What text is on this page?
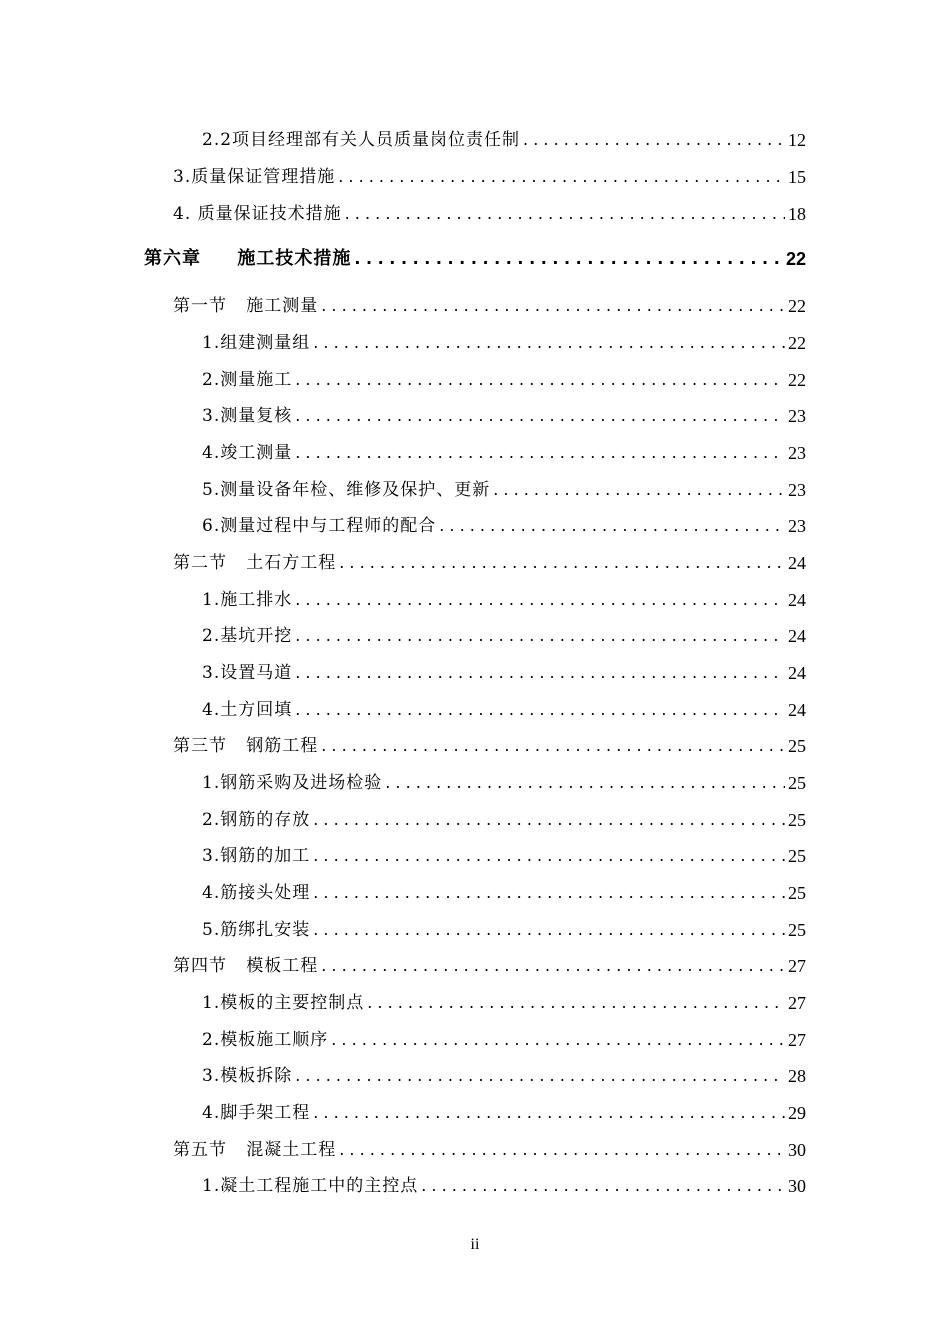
2.2项目经理部有关人员质量岗位责任制 . . .	12
3.质量保证管理措施 . . .	15
4. 质量保证技术措施 . . .	18
第六章     施工技术措施 . . .	22
第一节   施工测量 . . .	22
1.组建测量组 . . .	22
2.测量施工 . . .	22
3.测量复核 . . .	23
4.竣工测量 . . .	23
5.测量设备年检、维修及保护、更新 . . .	23
6.测量过程中与工程师的配合 . . .	23
第二节   土石方工程 . . .	24
1.施工排水 . . .	24
2.基坑开挖 . . .	24
3.设置马道 . . .	24
4.土方回填 . . .	24
第三节   钢筋工程 . . .	25
1.钢筋采购及进场检验 . . .	25
2.钢筋的存放 . . .	25
3.钢筋的加工 . . .	25
4.筋接头处理 . . .	25
5.筋绑扎安装 . . .	25
第四节   模板工程 . . .	27
1.模板的主要控制点 . . .	27
2.模板施工顺序 . . .	27
3.模板拆除 . . .	28
4.脚手架工程 . . .	29
第五节   混凝土工程 . . .	30
1.凝土工程施工中的主控点 . . .	30
ii
